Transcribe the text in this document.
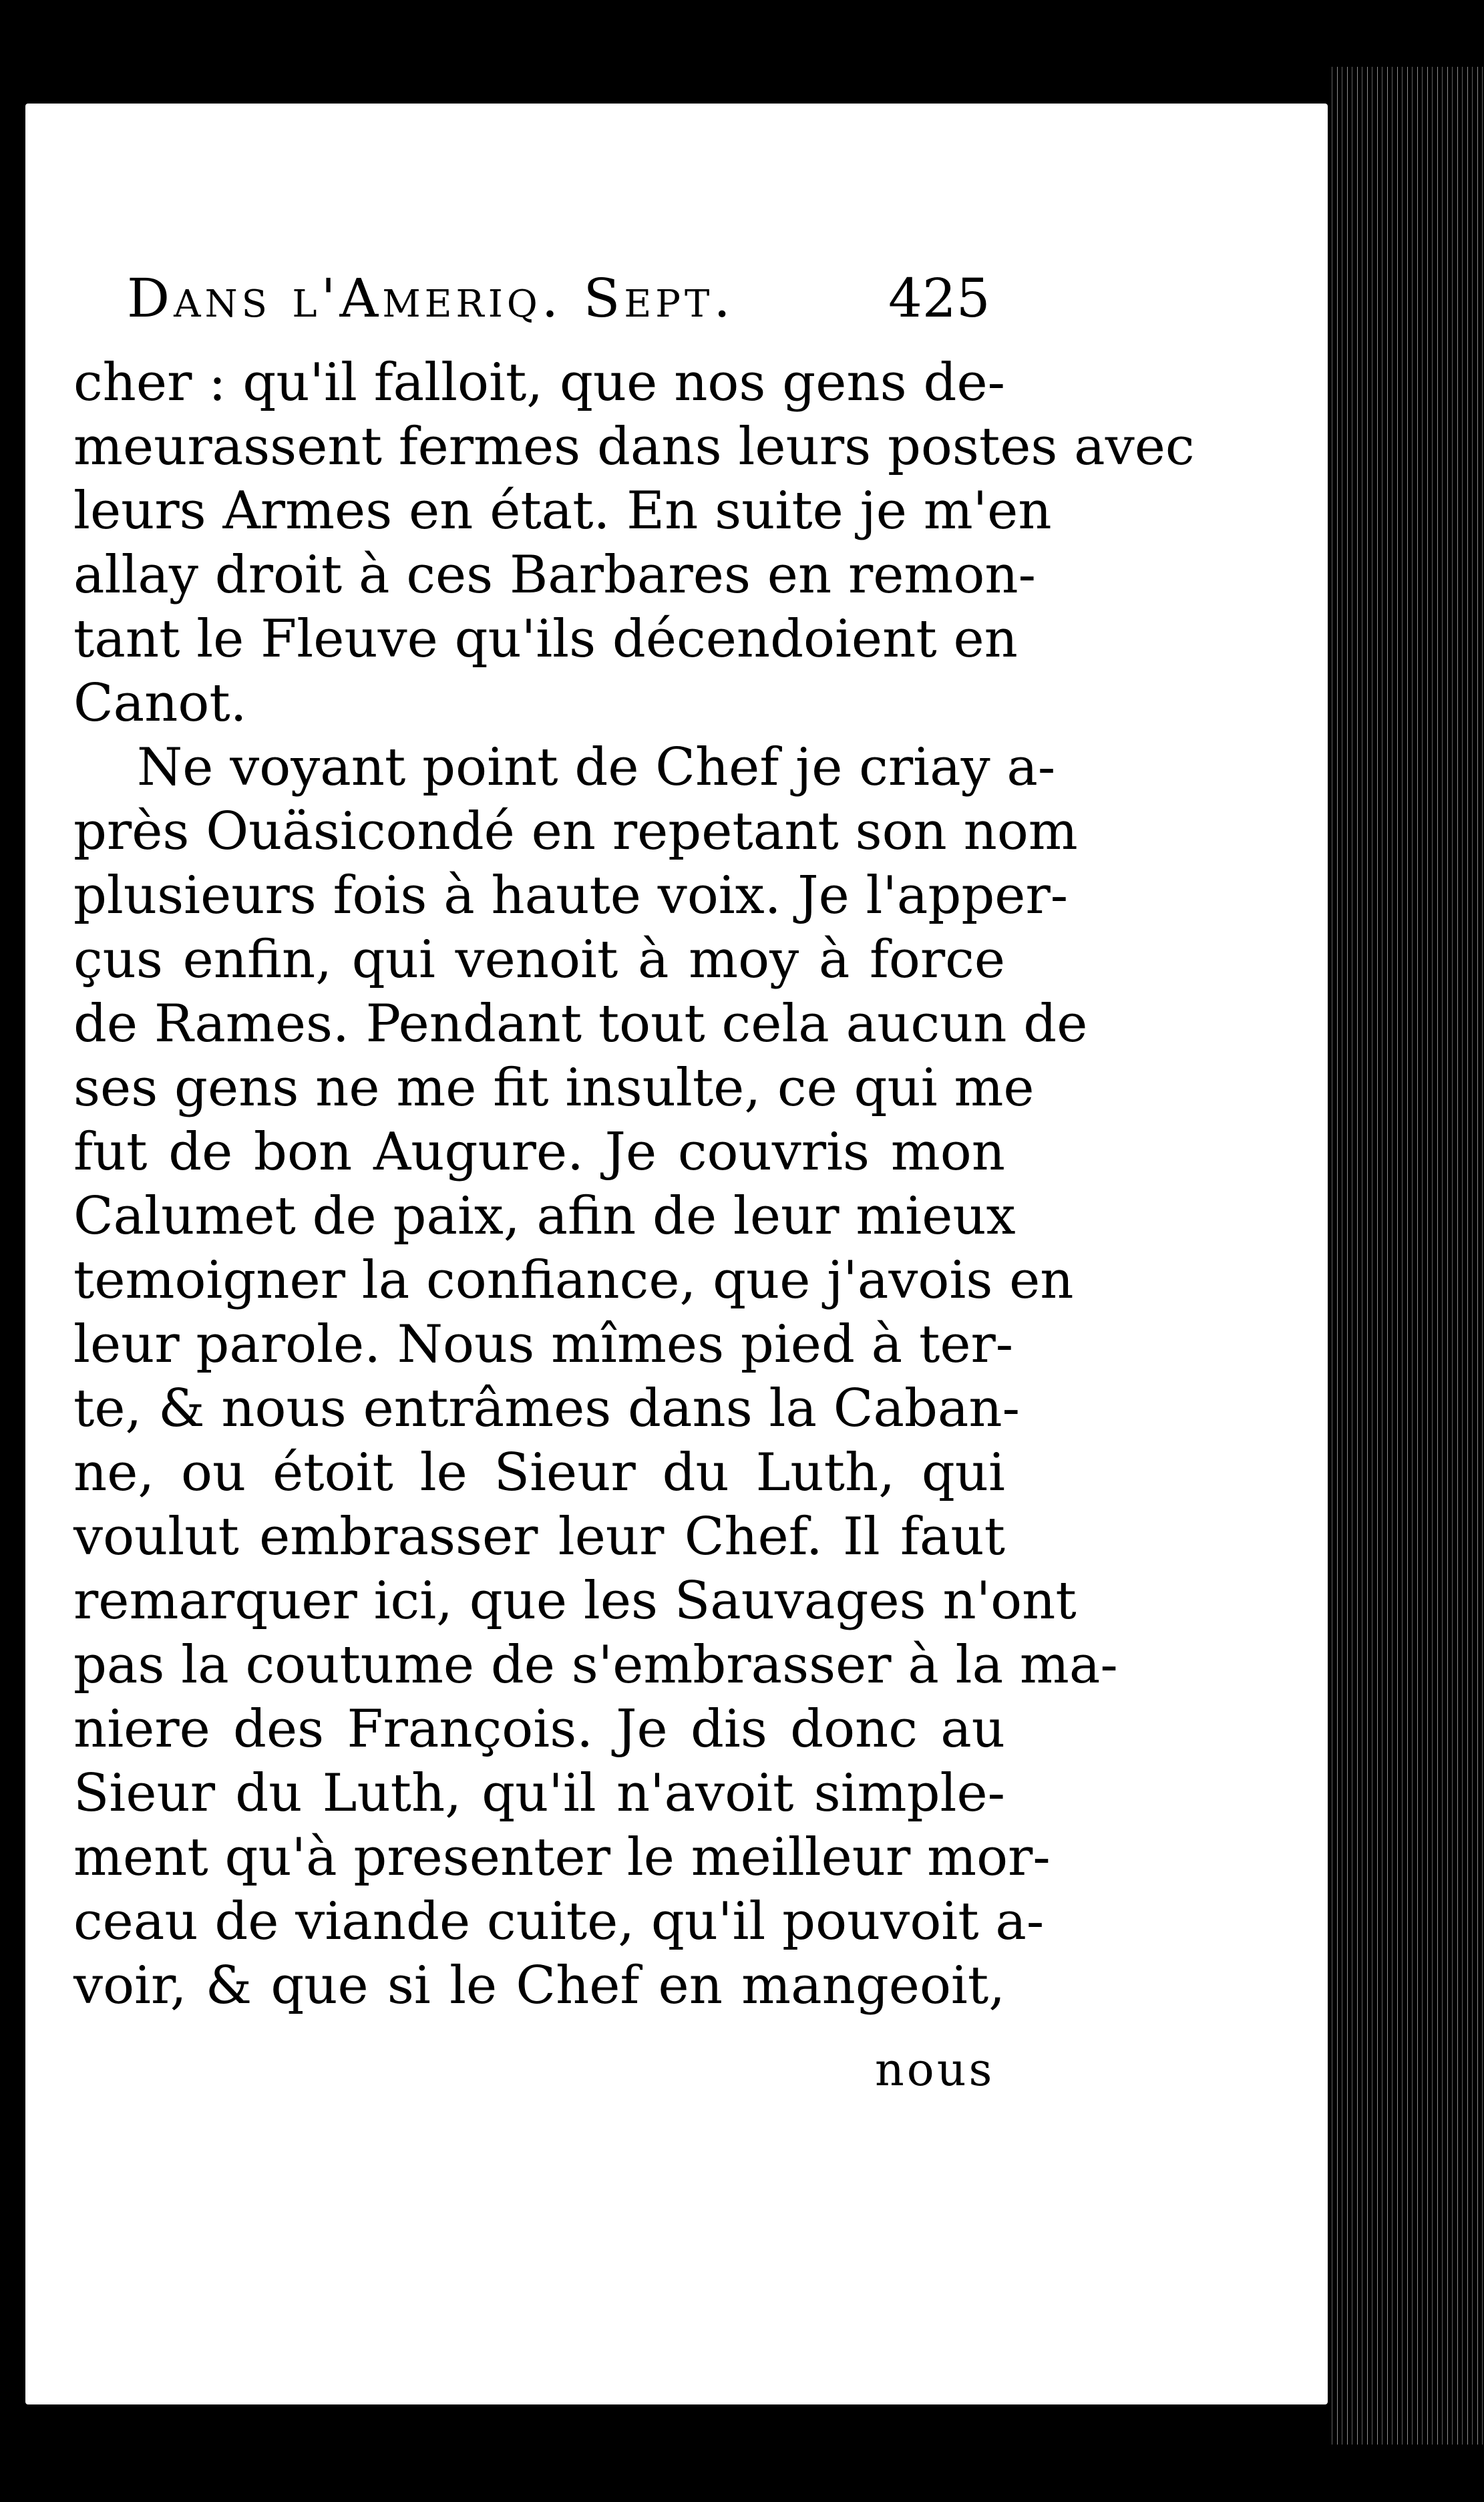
Dans l'Ameriq. Sept.	425
cher : qu'il falloit, que nos gens de-
meurassent fermes dans leurs postes avec
leurs Armes en état. En suite je m'en
allay droit à ces Barbares en remon-
tant le Fleuve qu'ils décendoient en
Canot.
Ne voyant point de Chef je criay a-
près Ouäsicondé en repetant son nom
plusieurs fois à haute voix. Je l'apper-
çus enfin, qui venoit à moy à force
de Rames. Pendant tout cela aucun de
ses gens ne me fit insulte, ce qui me
fut de bon Augure. Je couvris mon
Calumet de paix, afin de leur mieux
temoigner la confiance, que j'avois en
leur parole. Nous mîmes pied à ter-
te, & nous entrâmes dans la Caban-
ne, ou étoit le Sieur du Luth, qui
voulut embrasser leur Chef. Il faut
remarquer ici, que les Sauvages n'ont
pas la coutume de s'embrasser à la ma-
niere des François. Je dis donc au
Sieur du Luth, qu'il n'avoit simple-
ment qu'à presenter le meilleur mor-
ceau de viande cuite, qu'il pouvoit a-
voir, & que si le Chef en mangeoit,
nous
